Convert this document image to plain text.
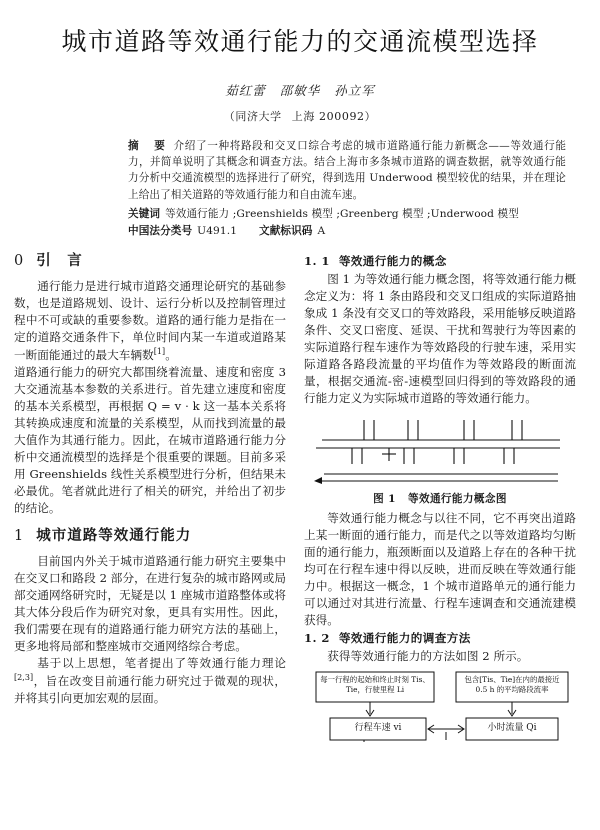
城市道路等效通行能力的交通流模型选择
茹红蕾 邵敏华 孙立军
（同济大学 上海 200092）

摘　要 介绍了一种将路段和交叉口综合考虑的城市道路通行能力新概念——等效通行能力，并简单说明了其概念和调查方法。结合上海市多条城市道路的调查数据，就等效通行能力分析中交通流模型的选择进行了研究，得到选用 Underwood 模型较优的结果，并在理论上给出了相关道路的等效通行能力和自由流车速。

关键词 等效通行能力 ;Greenshields 模型 ;Greenberg 模型 ;Underwood 模型

中国法分类号 U491.1 文献标识码 A

0 引　言

通行能力是进行城市道路交通理论研究的基础参数，也是道路规划、设计、运行分析以及控制管理过程中不可或缺的重要参数。道路的通行能力是指在一定的道路交通条件下，单位时间内某一车道或道路某一断面能通过的最大车辆数[1]。

道路通行能力的研究大都围绕着流量、速度和密度 3 大交通流基本参数的关系进行。首先建立速度和密度的基本关系模型，再根据 Q = v · k 这一基本关系将其转换成速度和流量的关系模型，从而找到流量的最大值作为其通行能力。因此，在城市道路通行能力分析中交通流模型的选择是个很重要的课题。目前多采用 Greenshields 线性关系模型进行分析，但结果未必最优。笔者就此进行了相关的研究，并给出了初步的结论。

1 城市道路等效通行能力

目前国内外关于城市道路通行能力研究主要集中在交叉口和路段 2 部分，在进行复杂的城市路网或局部交通网络研究时，无疑是以 1 座城市道路整体或将其大体分段后作为研究对象，更具有实用性。因此，我们需要在现有的道路通行能力研究方法的基础上，更多地将局部和整座城市交通网络综合考虑。

基于以上思想，笔者提出了等效通行能力理论[2,3]，旨在改变目前通行能力研究过于微观的现状，并将其引向更加宏观的层面。

1. 1 等效通行能力的概念

图 1 为等效通行能力概念图，将等效通行能力概念定义为：将 1 条由路段和交叉口组成的实际道路抽象成 1 条没有交叉口的等效路段，采用能够反映道路条件、交叉口密度、延误、干扰和驾驶行为等因素的实际道路行程车速作为等效路段的行驶车速，采用实际道路各路段流量的平均值作为等效路段的断面流量，根据交通流-密-速模型回归得到的等效路段的通行能力定义为实际城市道路的等效通行能力。

图 1 等效通行能力概念图

等效通行能力概念与以往不同，它不再突出道路上某一断面的通行能力，而是代之以等效道路均匀断面的通行能力，瓶颈断面以及道路上存在的各种干扰均可在行程车速中得以反映，进而反映在等效通行能力中。根据这一概念，1 个城市道路单元的通行能力可以通过对其进行流量、行程车速调查和交通流建模获得。

1. 2 等效通行能力的调查方法

获得等效通行能力的方法如图 2 所示。

每一行程的起始和终止时刻 Tis、Tie，行驶里程 Li
包含[Tis、Tie]在内的最接近 0.5 h 的平均路段流率
行程车速 vi	小时流量 Qi
